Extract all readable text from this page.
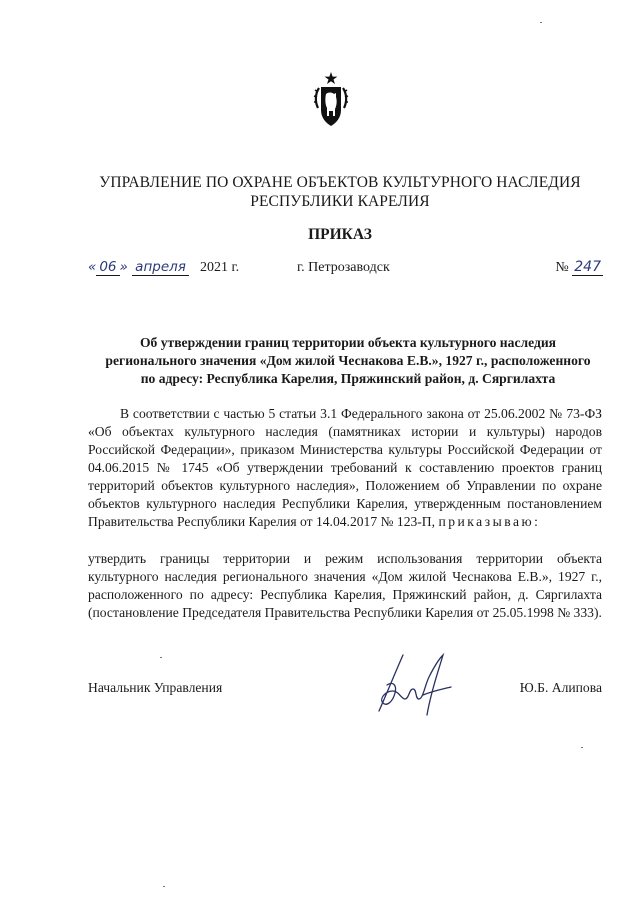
УПРАВЛЕНИЕ ПО ОХРАНЕ ОБЪЕКТОВ КУЛЬТУРНОГО НАСЛЕДИЯ
РЕСПУБЛИКИ КАРЕЛИЯ
ПРИКАЗ
« 06 » апреля 2021 г.	г. Петрозаводск	№ 247
Об утверждении границ территории объекта культурного наследия
регионального значения «Дом жилой Чеснакова Е.В.», 1927 г., расположенного
по адресу: Республика Карелия, Пряжинский район, д. Сяргилахта
В соответствии с частью 5 статьи 3.1 Федерального закона от 25.06.2002 № 73-ФЗ «Об объектах культурного наследия (памятниках истории и культуры) народов Российской Федерации», приказом Министерства культуры Российской Федерации от 04.06.2015 № 1745 «Об утверждении требований к составлению проектов границ территорий объектов культурного наследия», Положением об Управлении по охране объектов культурного наследия Республики Карелия, утвержденным постановлением Правительства Республики Карелия от 14.04.2017 № 123-П, приказываю:
утвердить границы территории и режим использования территории объекта культурного наследия регионального значения «Дом жилой Чеснакова Е.В.», 1927 г., расположенного по адресу: Республика Карелия, Пряжинский район, д. Сяргилахта (постановление Председателя Правительства Республики Карелия от 25.05.1998 № 333).
Начальник Управления	Ю.Б. Алипова
